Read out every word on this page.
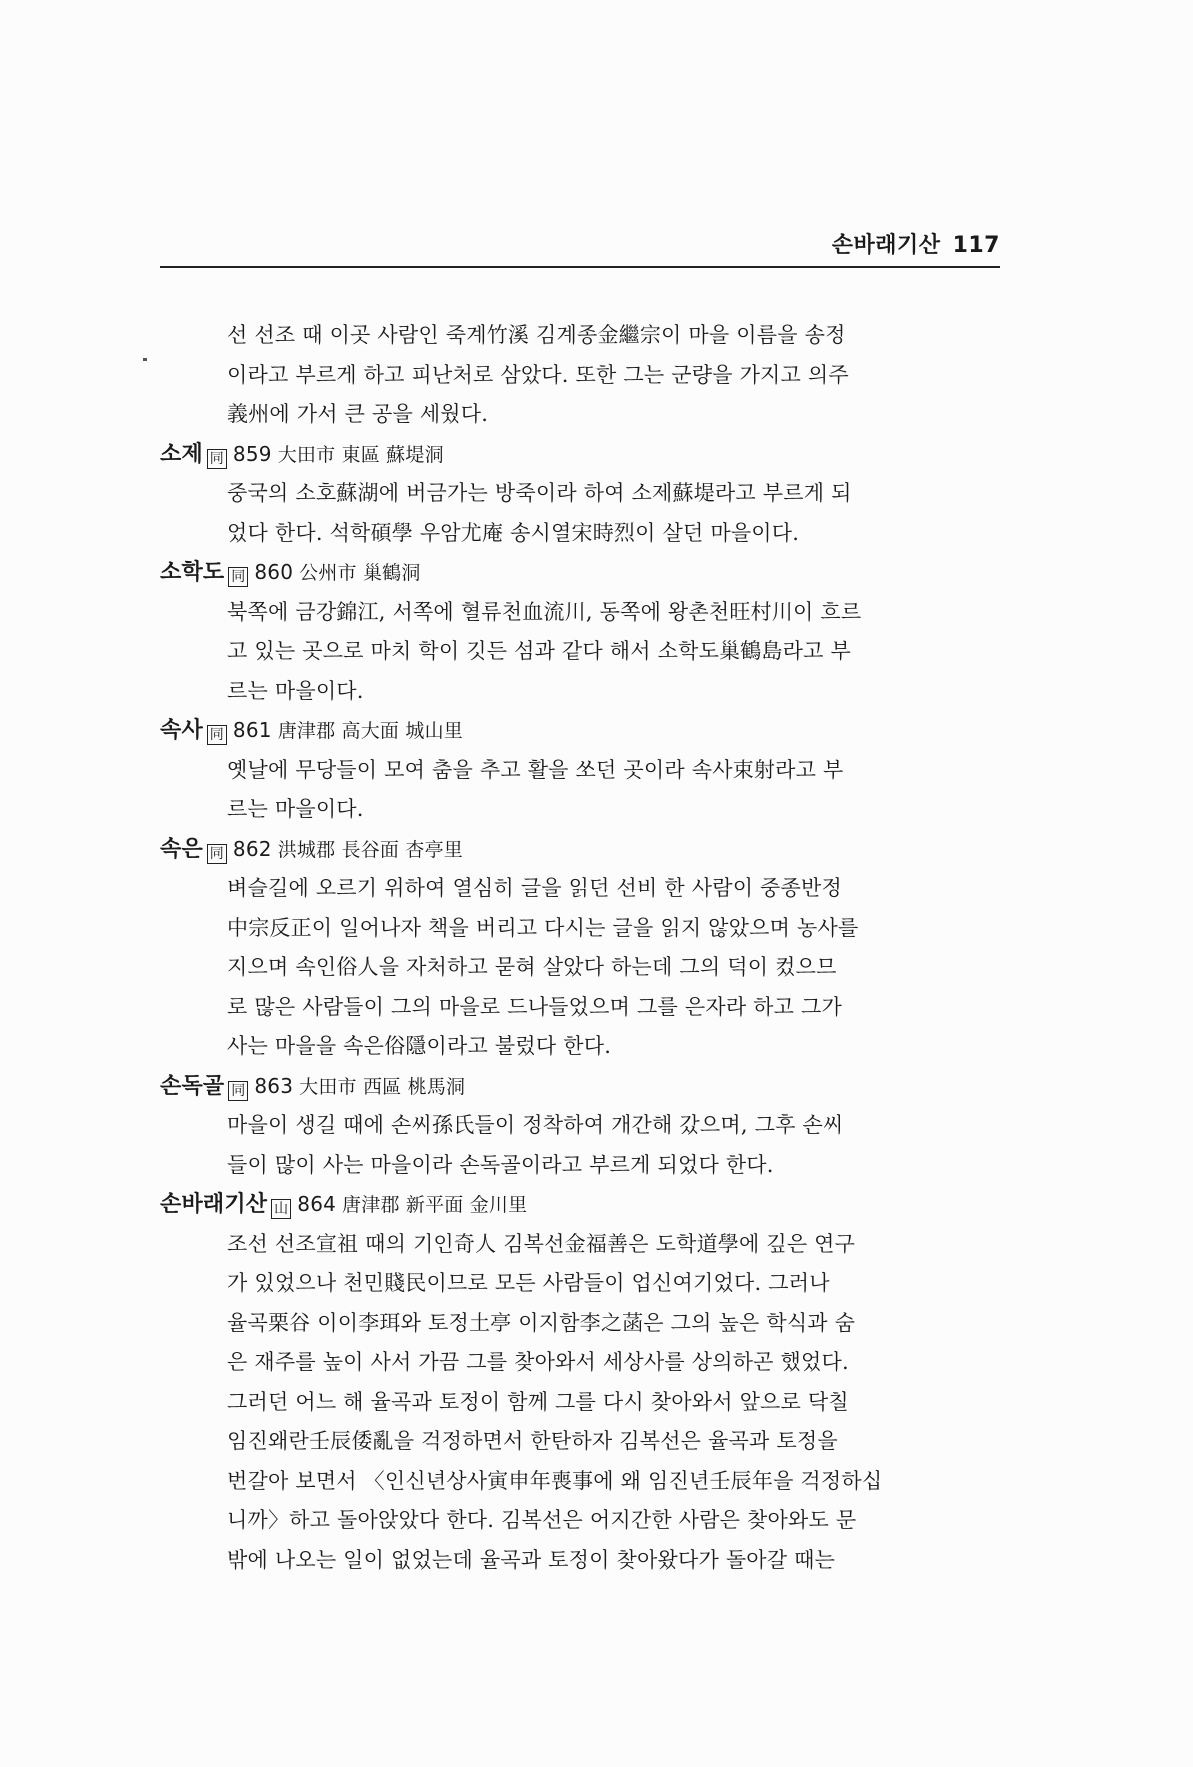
손바래기산 117
선 선조 때 이곳 사람인 죽계竹溪 김계종金繼宗이 마을 이름을 송정
이라고 부르게 하고 피난처로 삼았다. 또한 그는 군량을 가지고 의주
義州에 가서 큰 공을 세웠다.
소제 同 859 大田市 東區 蘇堤洞
중국의 소호蘇湖에 버금가는 방죽이라 하여 소제蘇堤라고 부르게 되
었다 한다. 석학碩學 우암尤庵 송시열宋時烈이 살던 마을이다.
소학도 同 860 公州市 巢鶴洞
북쪽에 금강錦江, 서쪽에 혈류천血流川, 동쪽에 왕촌천旺村川이 흐르
고 있는 곳으로 마치 학이 깃든 섬과 같다 해서 소학도巢鶴島라고 부
르는 마을이다.
속사 同 861 唐津郡 高大面 城山里
옛날에 무당들이 모여 춤을 추고 활을 쏘던 곳이라 속사束射라고 부
르는 마을이다.
속은 同 862 洪城郡 長谷面 杏亭里
벼슬길에 오르기 위하여 열심히 글을 읽던 선비 한 사람이 중종반정
中宗反正이 일어나자 책을 버리고 다시는 글을 읽지 않았으며 농사를
지으며 속인俗人을 자처하고 묻혀 살았다 하는데 그의 덕이 컸으므
로 많은 사람들이 그의 마을로 드나들었으며 그를 은자라 하고 그가
사는 마을을 속은俗隱이라고 불렀다 한다.
손독골 同 863 大田市 西區 桃馬洞
마을이 생길 때에 손씨孫氏들이 정착하여 개간해 갔으며, 그후 손씨
들이 많이 사는 마을이라 손독골이라고 부르게 되었다 한다.
손바래기산 山 864 唐津郡 新平面 金川里
조선 선조宣祖 때의 기인奇人 김복선金福善은 도학道學에 깊은 연구
가 있었으나 천민賤民이므로 모든 사람들이 업신여기었다. 그러나
율곡栗谷 이이李珥와 토정土亭 이지함李之菡은 그의 높은 학식과 숨
은 재주를 높이 사서 가끔 그를 찾아와서 세상사를 상의하곤 했었다.
그러던 어느 해 율곡과 토정이 함께 그를 다시 찾아와서 앞으로 닥칠
임진왜란壬辰倭亂을 걱정하면서 한탄하자 김복선은 율곡과 토정을
번갈아 보면서 〈인신년상사寅申年喪事에 왜 임진년壬辰年을 걱정하십
니까〉하고 돌아앉았다 한다. 김복선은 어지간한 사람은 찾아와도 문
밖에 나오는 일이 없었는데 율곡과 토정이 찾아왔다가 돌아갈 때는
